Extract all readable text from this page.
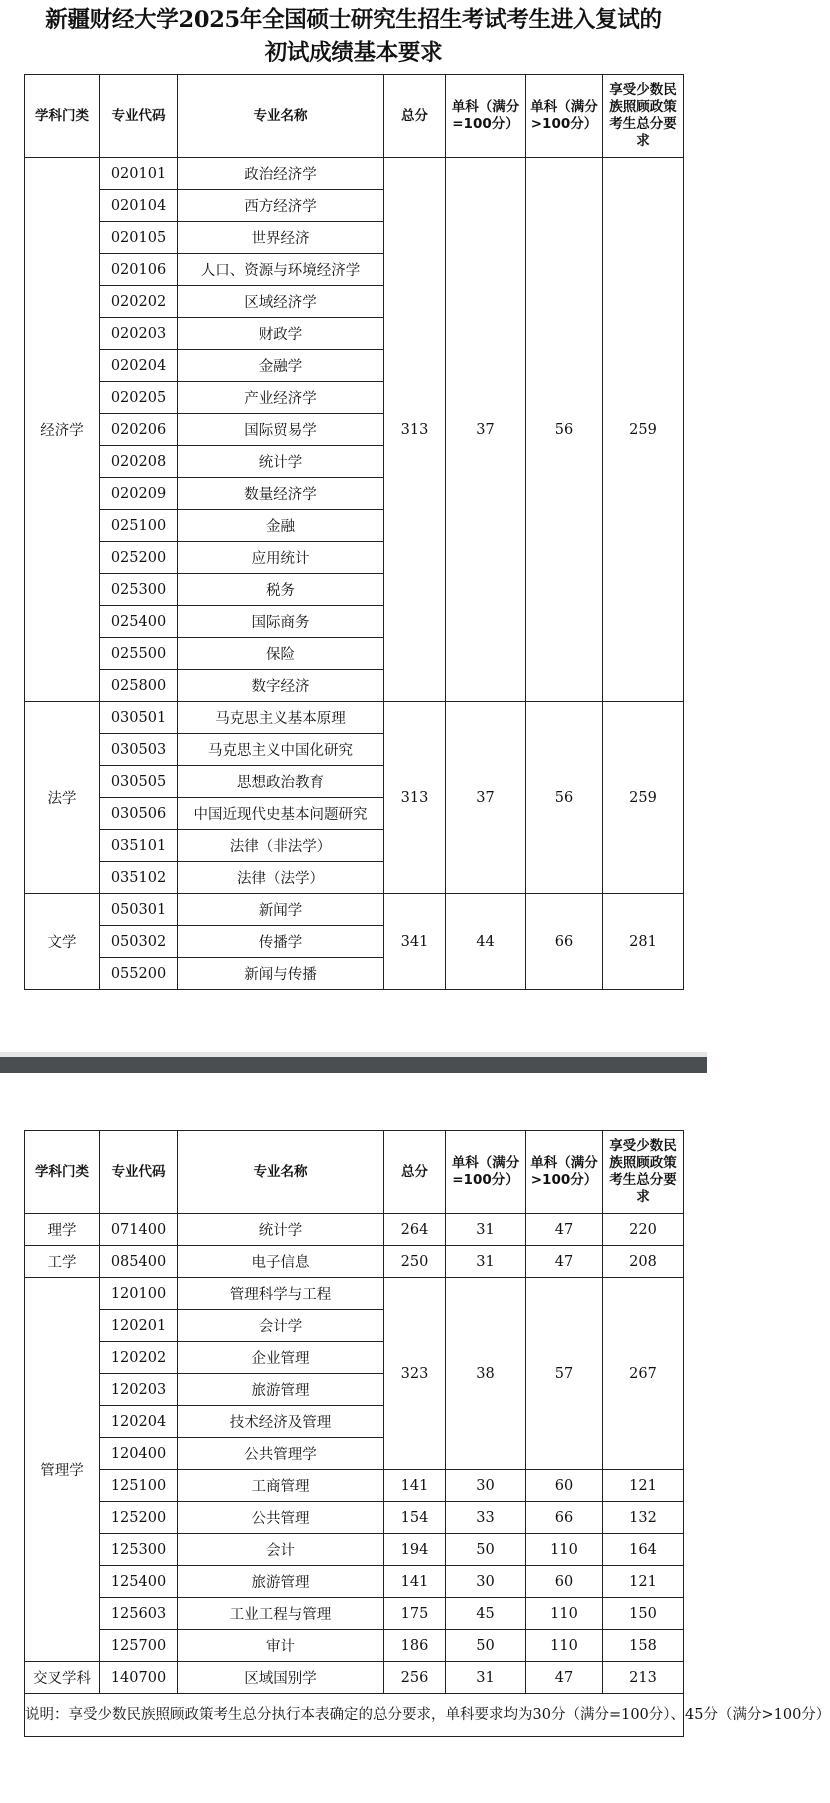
新疆财经大学2025年全国硕士研究生招生考试考生进入复试的
初试成绩基本要求
学科门类	专业代码	专业名称	总分	单科（满分=100分）	单科（满分>100分）	享受少数民族照顾政策考生总分要求
经济学	020101	政治经济学	313	37	56	259
	020104	西方经济学				
	020105	世界经济				
	020106	人口、资源与环境经济学				
	020202	区域经济学				
	020203	财政学				
	020204	金融学				
	020205	产业经济学				
	020206	国际贸易学				
	020208	统计学				
	020209	数量经济学				
	025100	金融				
	025200	应用统计				
	025300	税务				
	025400	国际商务				
	025500	保险				
	025800	数字经济				
法学	030501	马克思主义基本原理	313	37	56	259
	030503	马克思主义中国化研究				
	030505	思想政治教育				
	030506	中国近现代史基本问题研究				
	035101	法律（非法学）				
	035102	法律（法学）				
文学	050301	新闻学	341	44	66	281
	050302	传播学				
	055200	新闻与传播				
学科门类	专业代码	专业名称	总分	单科（满分=100分）	单科（满分>100分）	享受少数民族照顾政策考生总分要求
理学	071400	统计学	264	31	47	220
工学	085400	电子信息	250	31	47	208
管理学	120100	管理科学与工程	323	38	57	267
	120201	会计学				
	120202	企业管理				
	120203	旅游管理				
	120204	技术经济及管理				
	120400	公共管理学				
	125100	工商管理	141	30	60	121
	125200	公共管理	154	33	66	132
	125300	会计	194	50	110	164
	125400	旅游管理	141	30	60	121
	125603	工业工程与管理	175	45	110	150
	125700	审计	186	50	110	158
交叉学科	140700	区域国别学	256	31	47	213
说明：享受少数民族照顾政策考生总分执行本表确定的总分要求，单科要求均为30分（满分=100分）、45分（满分>100分）						
